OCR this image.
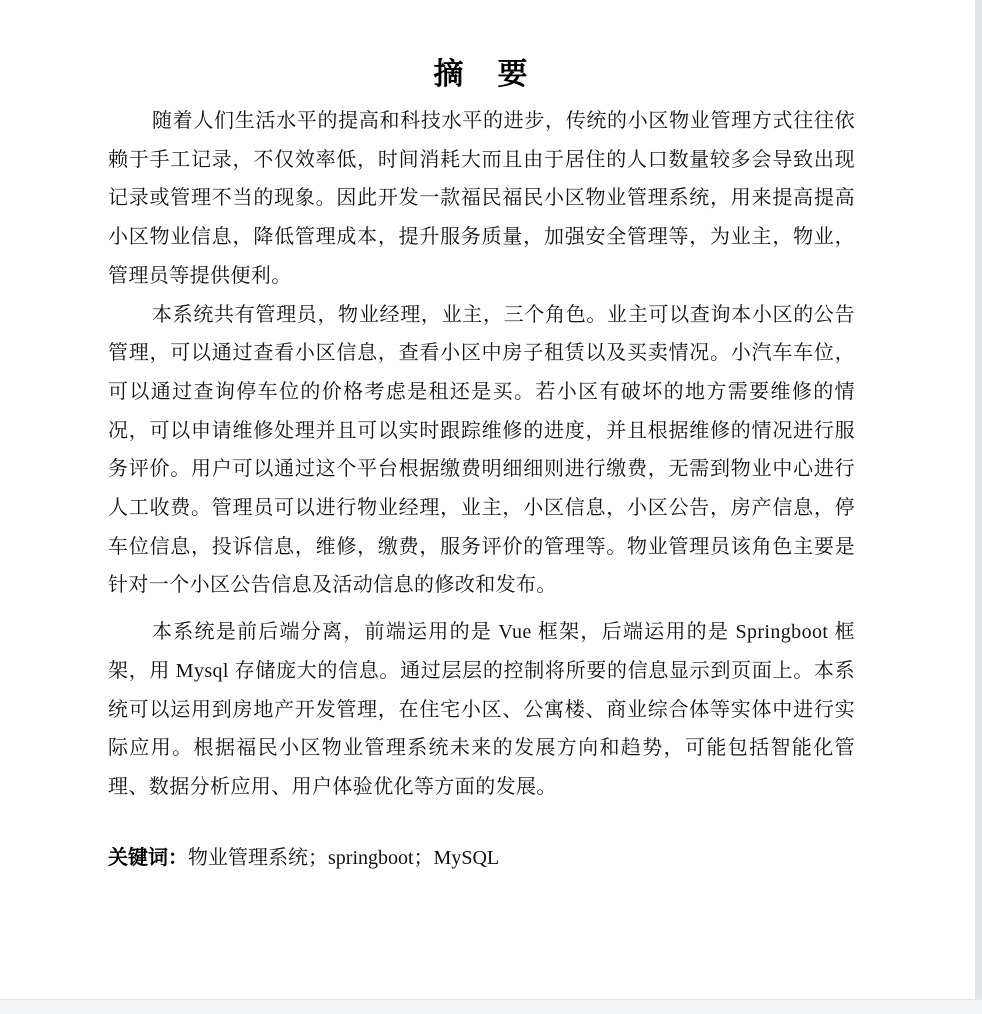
摘　要

随着人们生活水平的提高和科技水平的进步，传统的小区物业管理方式往往依赖于手工记录，不仅效率低，时间消耗大而且由于居住的人口数量较多会导致出现记录或管理不当的现象。因此开发一款福民福民小区物业管理系统，用来提高提高小区物业信息，降低管理成本，提升服务质量，加强安全管理等，为业主，物业，管理员等提供便利。

本系统共有管理员，物业经理，业主，三个角色。业主可以查询本小区的公告管理，可以通过查看小区信息，查看小区中房子租赁以及买卖情况。小汽车车位，可以通过查询停车位的价格考虑是租还是买。若小区有破坏的地方需要维修的情况，可以申请维修处理并且可以实时跟踪维修的进度，并且根据维修的情况进行服务评价。用户可以通过这个平台根据缴费明细细则进行缴费，无需到物业中心进行人工收费。管理员可以进行物业经理，业主，小区信息，小区公告，房产信息，停车位信息，投诉信息，维修，缴费，服务评价的管理等。物业管理员该角色主要是针对一个小区公告信息及活动信息的修改和发布。

本系统是前后端分离，前端运用的是 Vue 框架，后端运用的是 Springboot 框架，用 Mysql 存储庞大的信息。通过层层的控制将所要的信息显示到页面上。本系统可以运用到房地产开发管理，在住宅小区、公寓楼、商业综合体等实体中进行实际应用。根据福民小区物业管理系统未来的发展方向和趋势，可能包括智能化管理、数据分析应用、用户体验优化等方面的发展。

关键词：物业管理系统；springboot；MySQL
